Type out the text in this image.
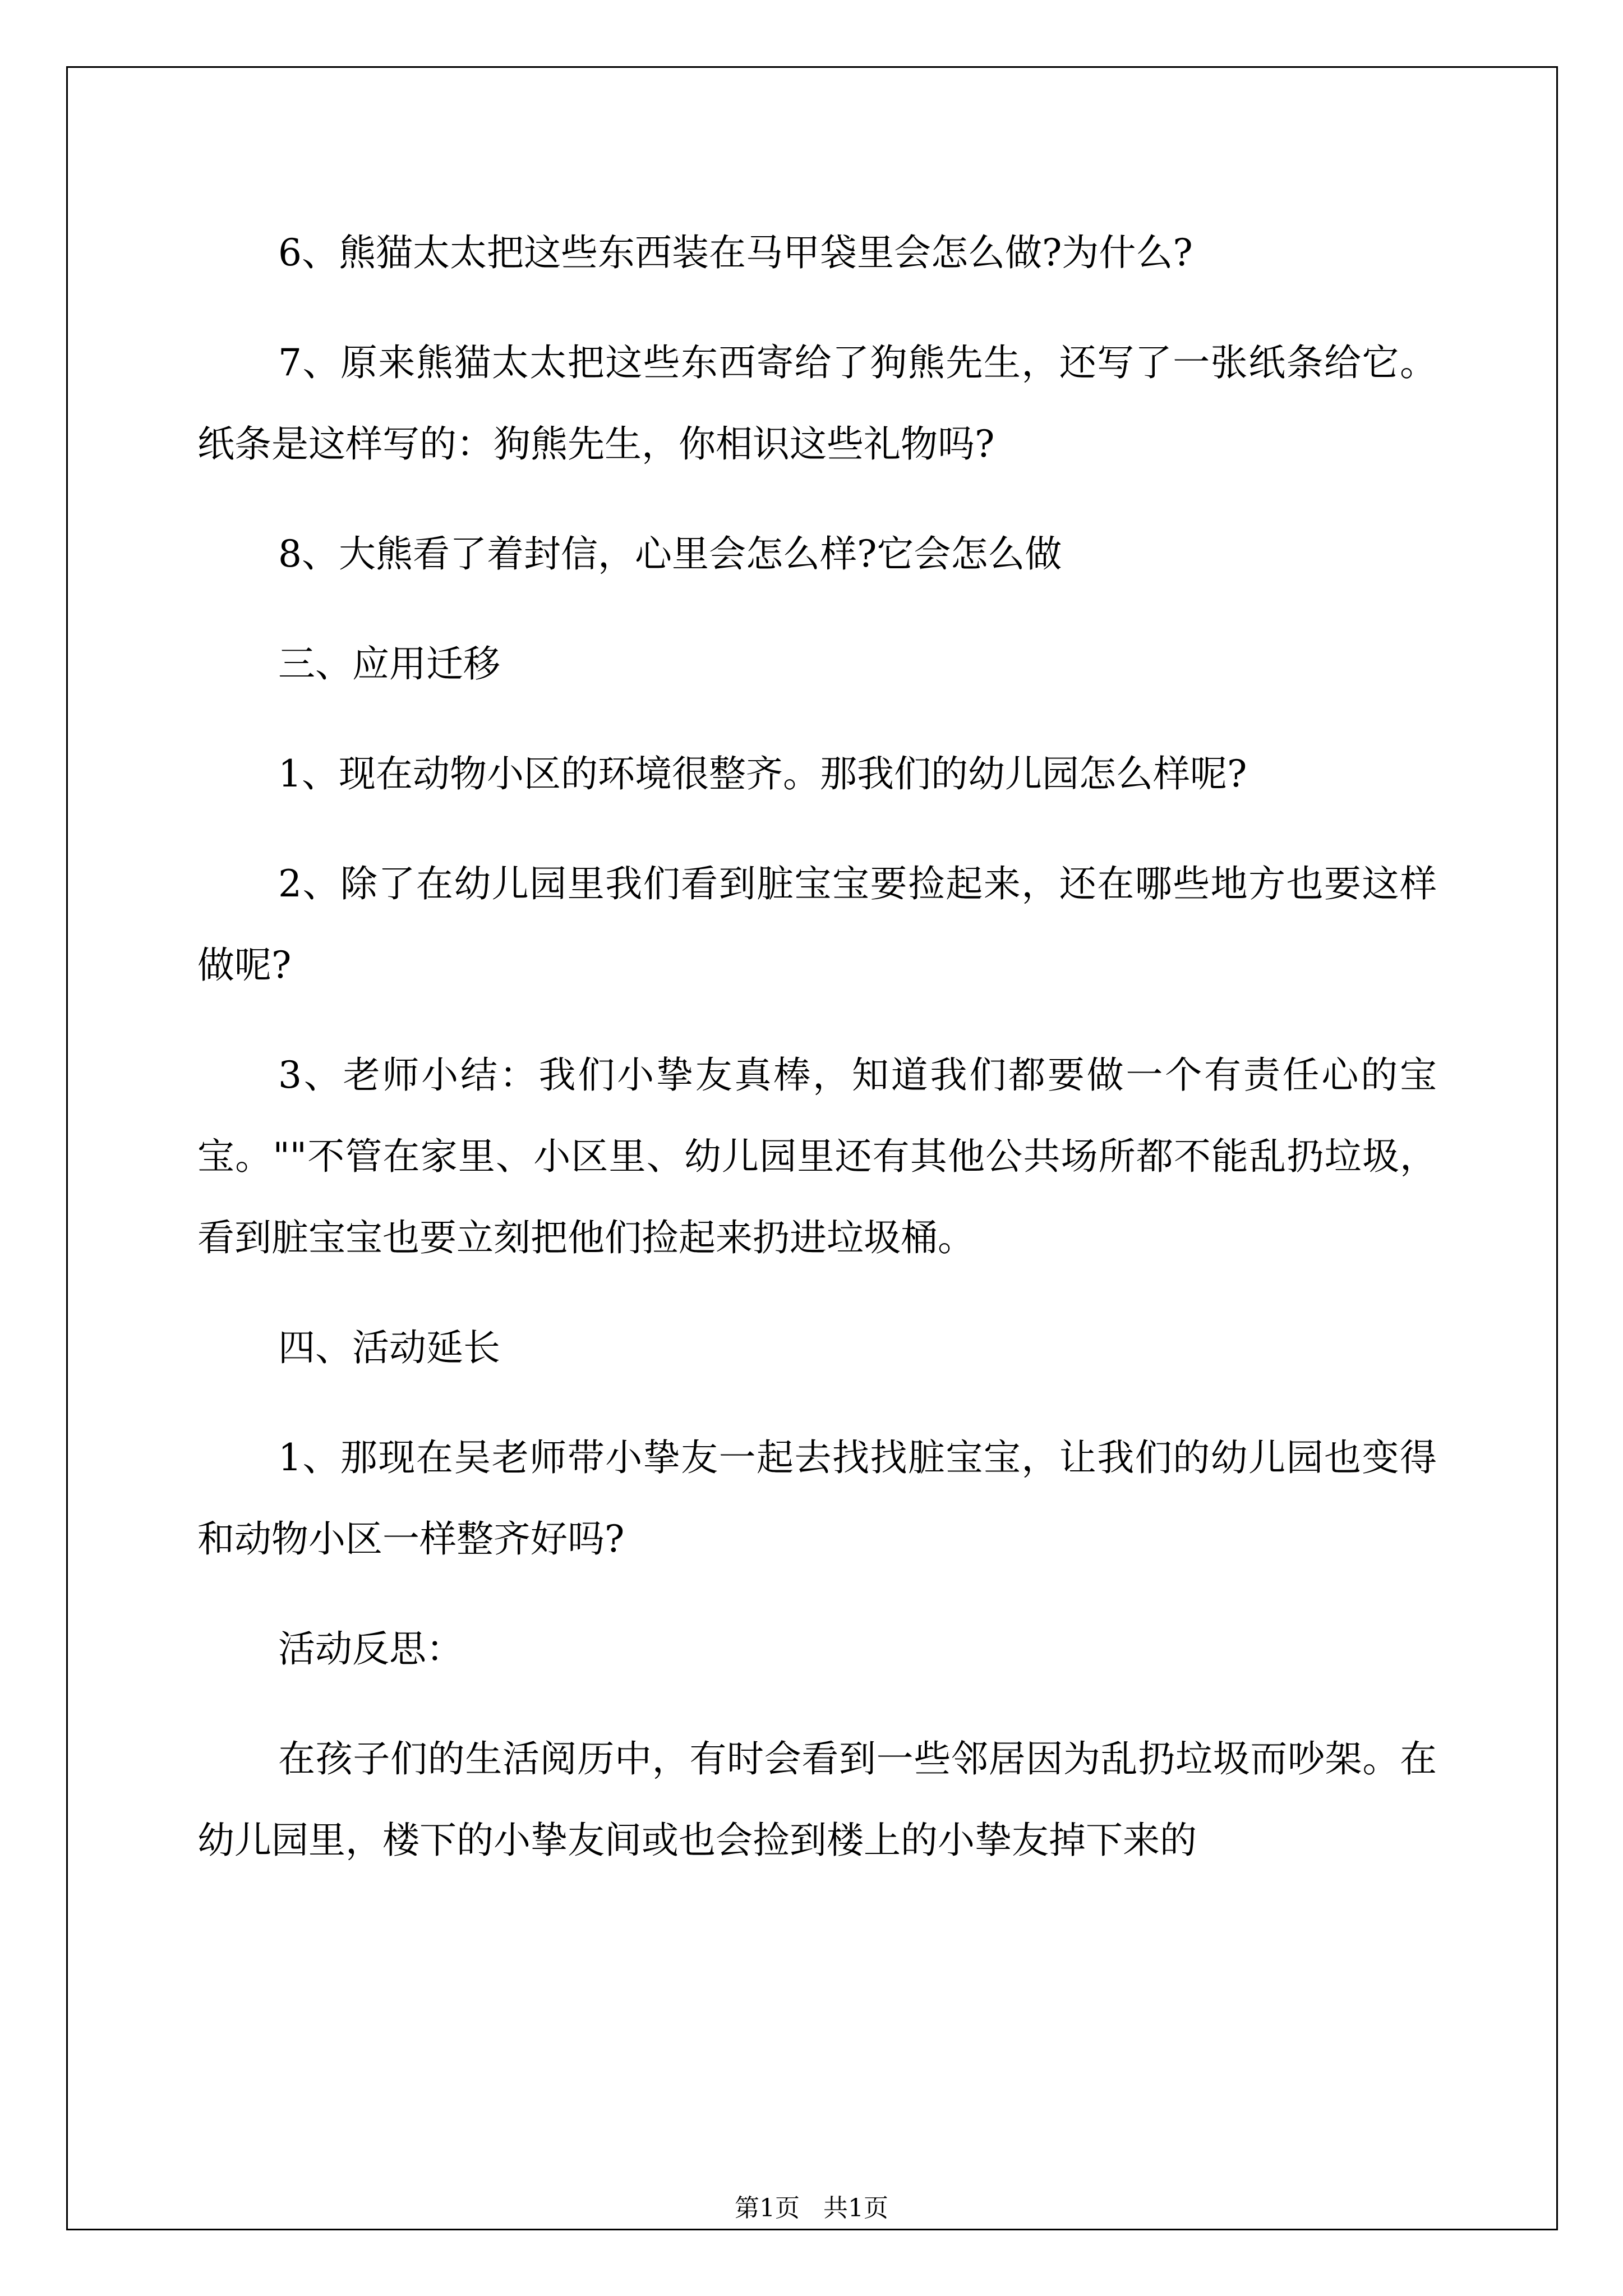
6、熊猫太太把这些东西装在马甲袋里会怎么做?为什么?

7、原来熊猫太太把这些东西寄给了狗熊先生，还写了一张纸条给它。纸条是这样写的：狗熊先生，你相识这些礼物吗?

8、大熊看了着封信，心里会怎么样?它会怎么做

三、应用迁移

1、现在动物小区的环境很整齐。那我们的幼儿园怎么样呢?

2、除了在幼儿园里我们看到脏宝宝要捡起来，还在哪些地方也要这样做呢?

3、老师小结：我们小挚友真棒，知道我们都要做一个有责任心的宝宝。""不管在家里、小区里、幼儿园里还有其他公共场所都不能乱扔垃圾，看到脏宝宝也要立刻把他们捡起来扔进垃圾桶。

四、活动延长

1、那现在吴老师带小挚友一起去找找脏宝宝，让我们的幼儿园也变得和动物小区一样整齐好吗?

活动反思：

在孩子们的生活阅历中，有时会看到一些邻居因为乱扔垃圾而吵架。在幼儿园里，楼下的小挚友间或也会捡到楼上的小挚友掉下来的

第1页   共1页
